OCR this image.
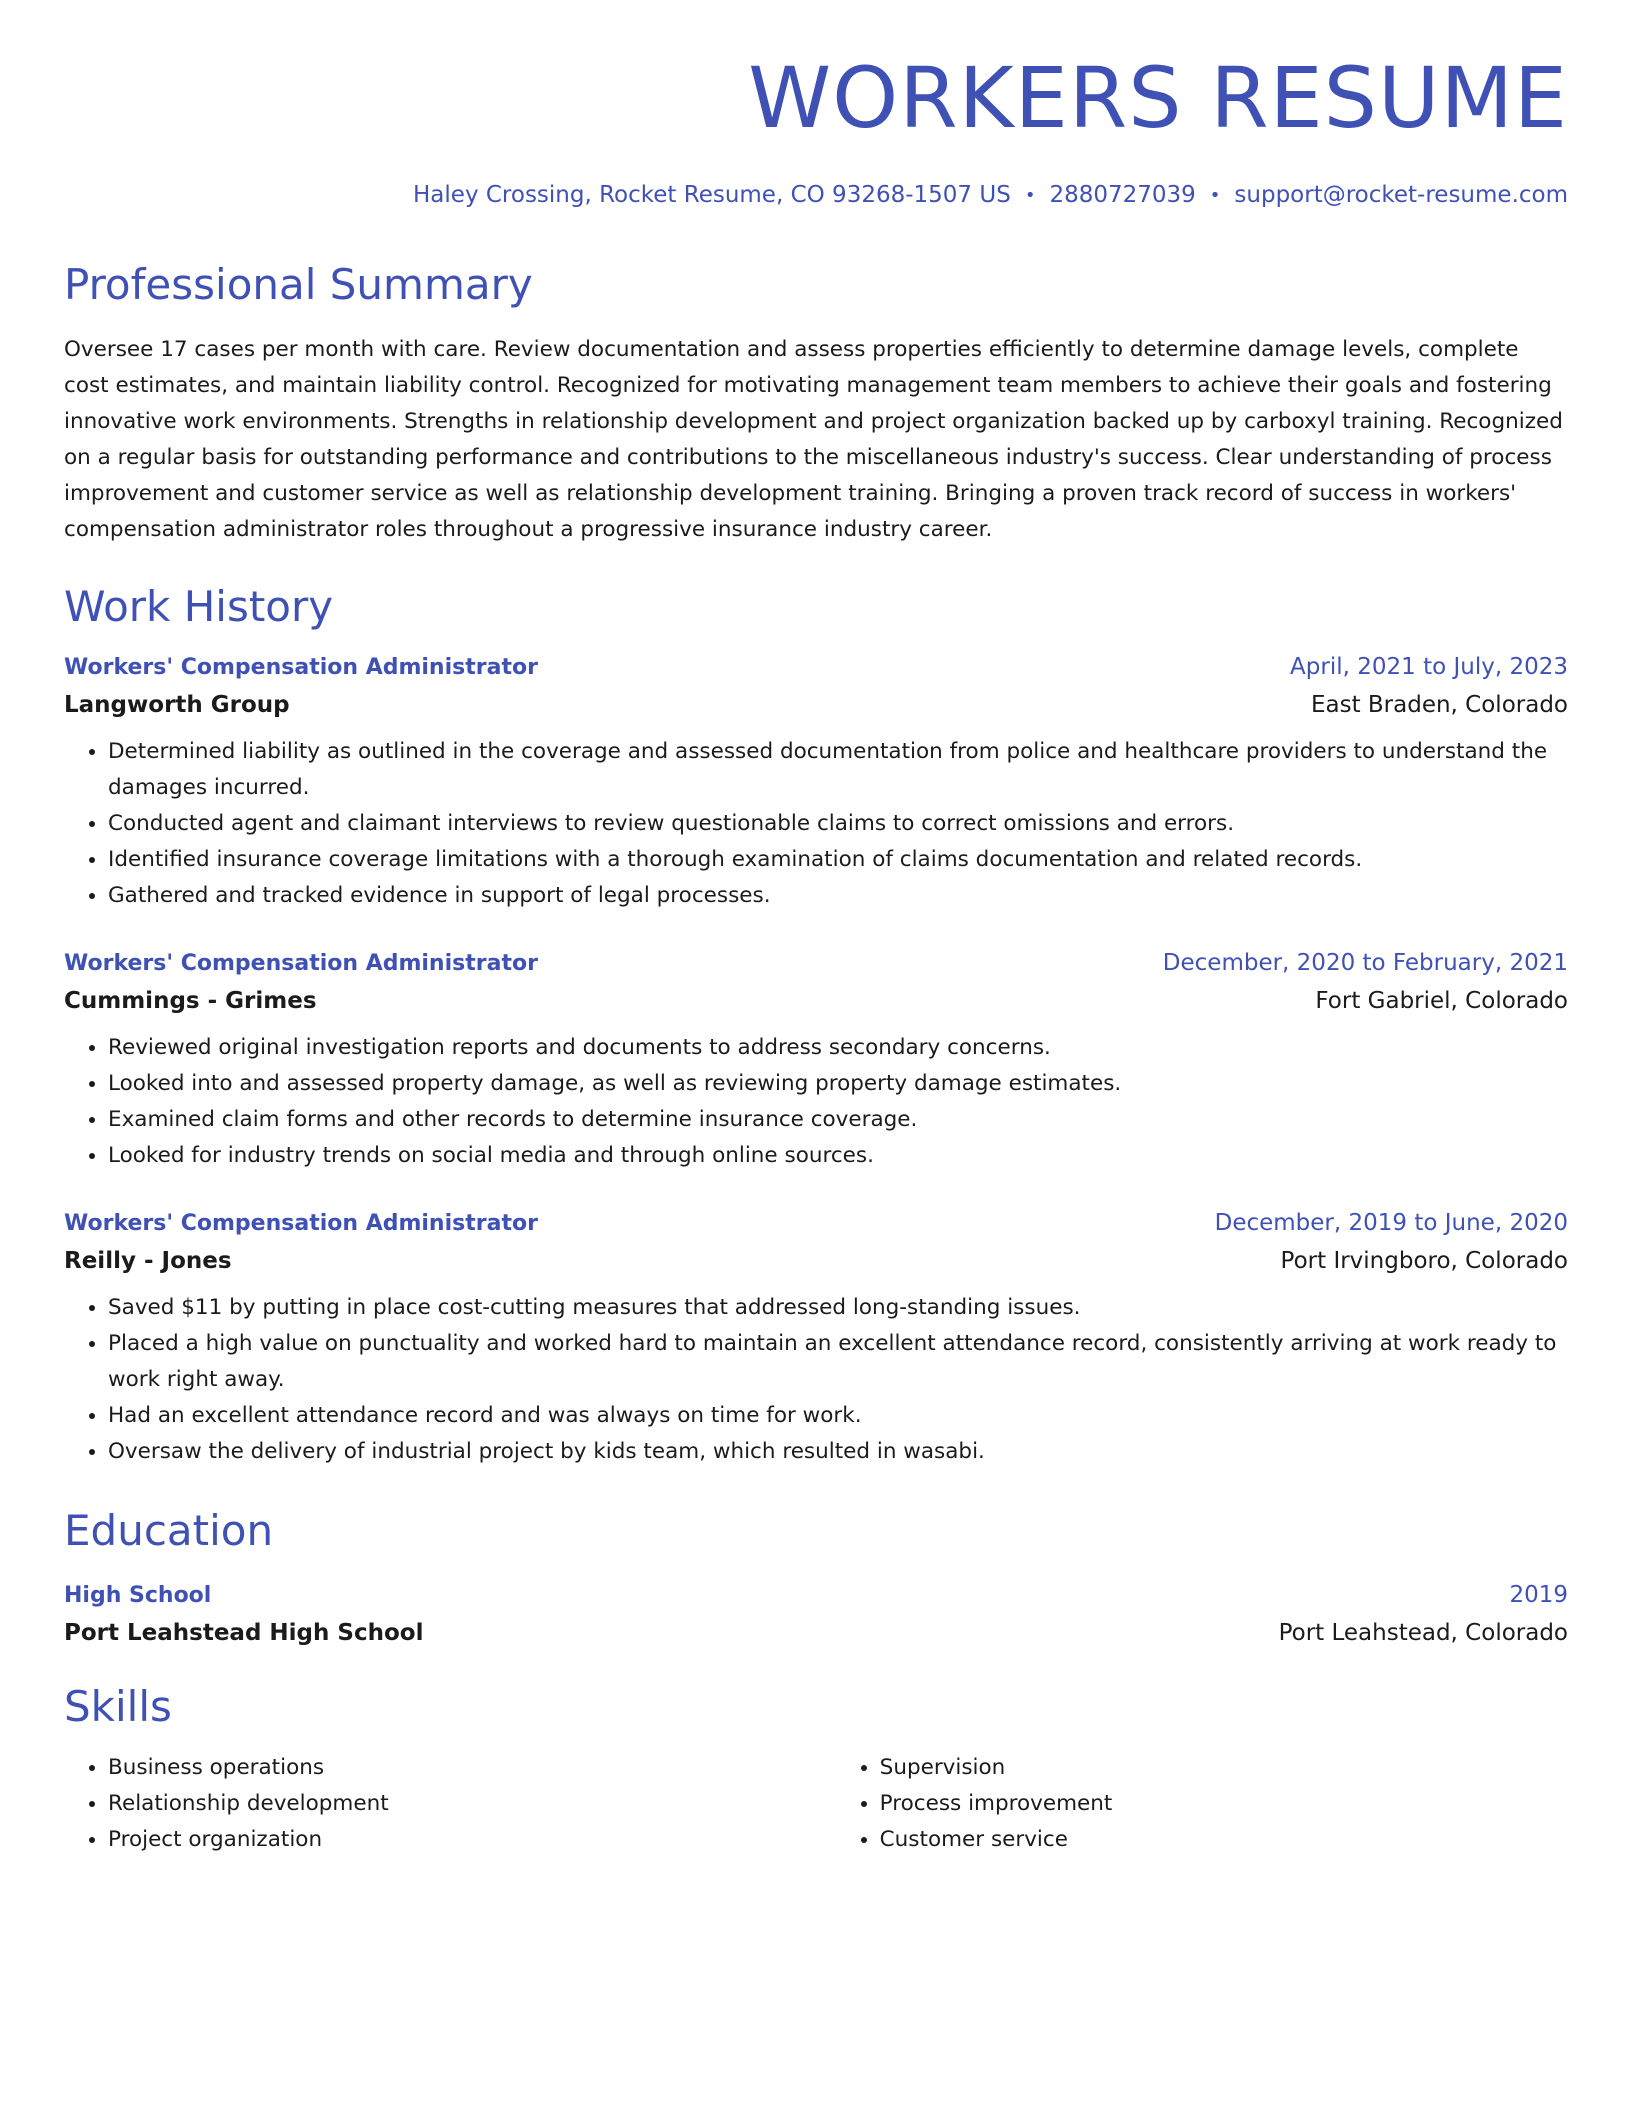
WORKERS RESUME
Haley Crossing, Rocket Resume, CO 93268-1507 US • 2880727039 • support@rocket-resume.com
Professional Summary
Oversee 17 cases per month with care. Review documentation and assess properties efficiently to determine damage levels, complete cost estimates, and maintain liability control. Recognized for motivating management team members to achieve their goals and fostering innovative work environments. Strengths in relationship development and project organization backed up by carboxyl training. Recognized on a regular basis for outstanding performance and contributions to the miscellaneous industry's success. Clear understanding of process improvement and customer service as well as relationship development training. Bringing a proven track record of success in workers' compensation administrator roles throughout a progressive insurance industry career.
Work History
Workers' Compensation Administrator	April, 2021 to July, 2023
Langworth Group	East Braden, Colorado
• Determined liability as outlined in the coverage and assessed documentation from police and healthcare providers to understand the damages incurred.
• Conducted agent and claimant interviews to review questionable claims to correct omissions and errors.
• Identified insurance coverage limitations with a thorough examination of claims documentation and related records.
• Gathered and tracked evidence in support of legal processes.
Workers' Compensation Administrator	December, 2020 to February, 2021
Cummings - Grimes	Fort Gabriel, Colorado
• Reviewed original investigation reports and documents to address secondary concerns.
• Looked into and assessed property damage, as well as reviewing property damage estimates.
• Examined claim forms and other records to determine insurance coverage.
• Looked for industry trends on social media and through online sources.
Workers' Compensation Administrator	December, 2019 to June, 2020
Reilly - Jones	Port Irvingboro, Colorado
• Saved $11 by putting in place cost-cutting measures that addressed long-standing issues.
• Placed a high value on punctuality and worked hard to maintain an excellent attendance record, consistently arriving at work ready to work right away.
• Had an excellent attendance record and was always on time for work.
• Oversaw the delivery of industrial project by kids team, which resulted in wasabi.
Education
High School	2019
Port Leahstead High School	Port Leahstead, Colorado
Skills
• Business operations
• Relationship development
• Project organization
• Supervision
• Process improvement
• Customer service
